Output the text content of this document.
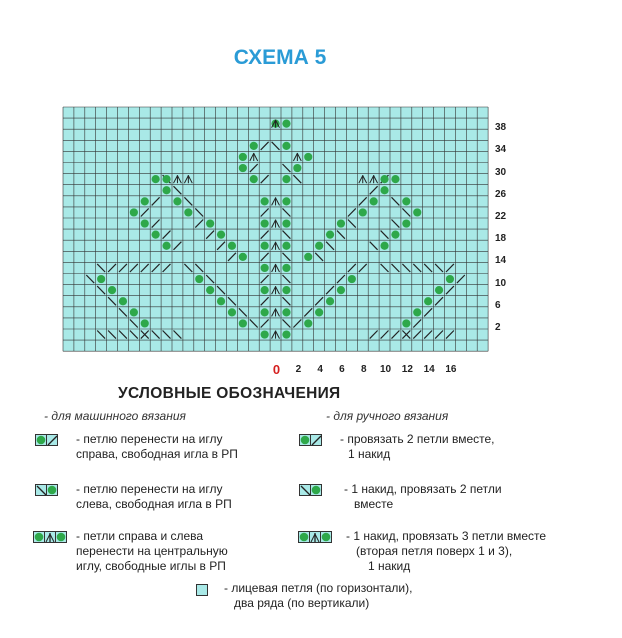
СХЕМА 5
38
34
30
26
22
18
14
10
6
2
0	2	4	6	8	10	12	14	16
УСЛОВНЫЕ ОБОЗНАЧЕНИЯ
- для машинного вязания	- для ручного вязания
- петлю перенести на иглу
справа, свободная игла в РП
- петлю перенести на иглу
слева, свободная игла в РП
- петли справа и слева
перенести на центральную
иглу, свободные иглы в РП
- провязать 2 петли вместе,
1 накид
- 1 накид, провязать 2 петли
вместе
- 1 накид, провязать 3 петли вместе
(вторая петля поверх 1 и 3),
1 накид
- лицевая петля (по горизонтали),
два ряда (по вертикали)
